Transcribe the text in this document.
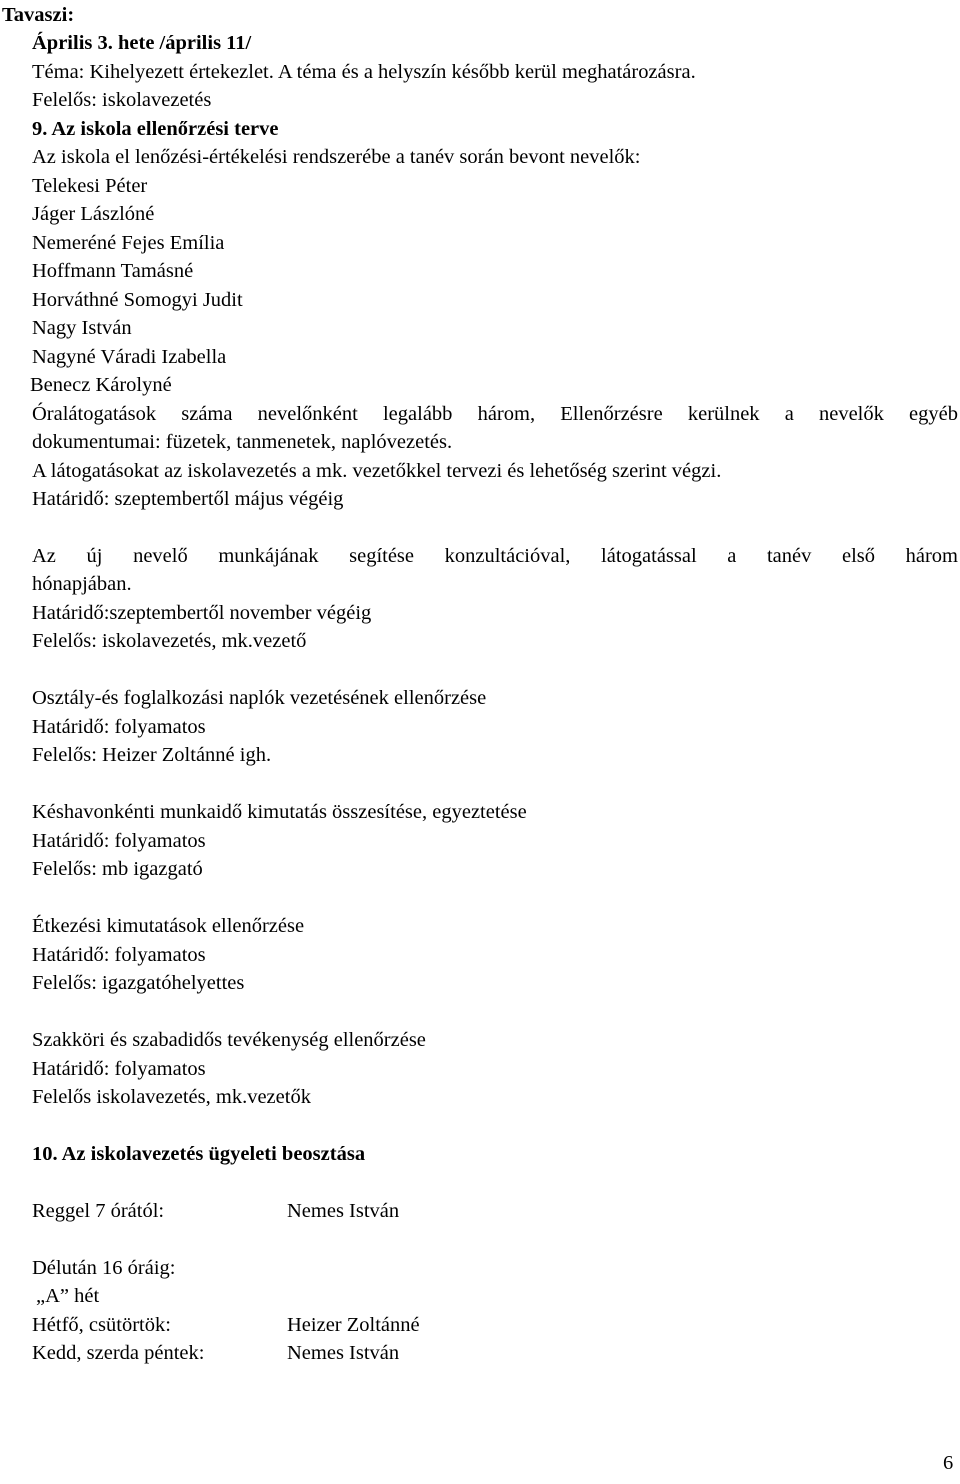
Tavaszi:
Április 3. hete /április 11/
Téma: Kihelyezett értekezlet. A téma és a helyszín később kerül meghatározásra.
Felelős: iskolavezetés
9. Az iskola ellenőrzési terve
Az iskola el lenőzési-értékelési rendszerébe a tanév során bevont nevelők:
Telekesi Péter
Jáger Lászlóné
Nemeréné Fejes Emília
Hoffmann Tamásné
Horváthné Somogyi Judit
Nagy István
Nagyné Váradi Izabella
Benecz Károlyné
Óralátogatások száma nevelőnként legalább három, Ellenőrzésre kerülnek a nevelők egyéb
dokumentumai: füzetek, tanmenetek, naplóvezetés.
A látogatásokat az iskolavezetés a mk. vezetőkkel tervezi és lehetőség szerint végzi.
Határidő: szeptembertől május végéig
Az új nevelő munkájának segítése konzultációval, látogatással a tanév első három
hónapjában.
Határidő:szeptembertől november végéig
Felelős: iskolavezetés, mk.vezető
Osztály-és foglalkozási naplók vezetésének ellenőrzése
Határidő: folyamatos
Felelős: Heizer Zoltánné igh.
Késhavonkénti munkaidő kimutatás összesítése, egyeztetése
Határidő: folyamatos
Felelős: mb igazgató
Étkezési kimutatások ellenőrzése
Határidő: folyamatos
Felelős: igazgatóhelyettes
Szakköri és szabadidős tevékenység ellenőrzése
Határidő: folyamatos
Felelős iskolavezetés, mk.vezetők
10. Az iskolavezetés ügyeleti beosztása
Reggel 7 órától:	Nemes István
Délután 16 óráig:
„A” hét
Hétfő, csütörtök:	Heizer Zoltánné
Kedd, szerda péntek:	Nemes István
6
